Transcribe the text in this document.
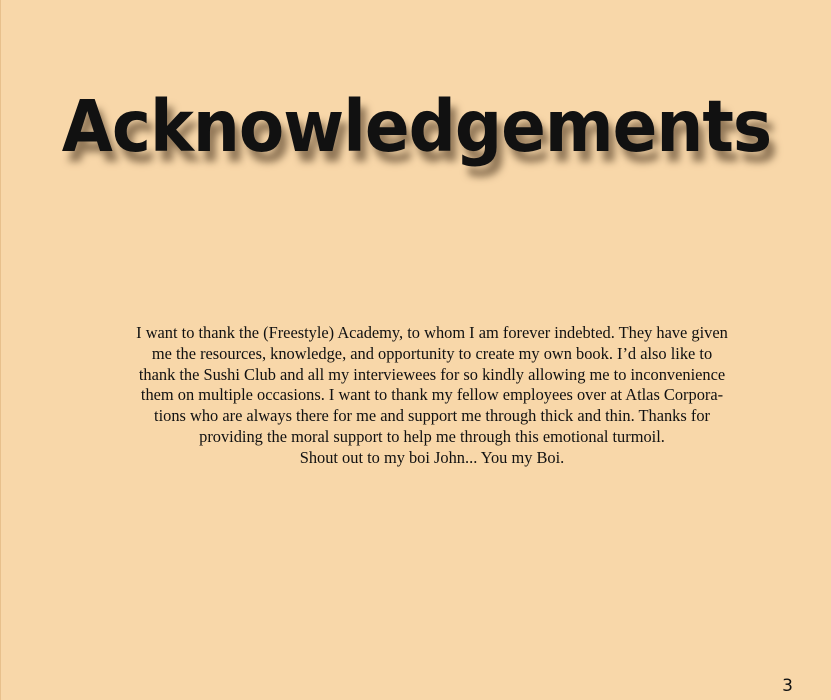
Acknowledgements

I want to thank the (Freestyle) Academy, to whom I am forever indebted. They have given
me the resources, knowledge, and opportunity to create my own book. I’d also like to
thank the Sushi Club and all my interviewees for so kindly allowing me to inconvenience
them on multiple occasions. I want to thank my fellow employees over at Atlas Corpora-
tions who are always there for me and support me through thick and thin. Thanks for
providing the moral support to help me through this emotional turmoil.
Shout out to my boi John... You my Boi.

3
